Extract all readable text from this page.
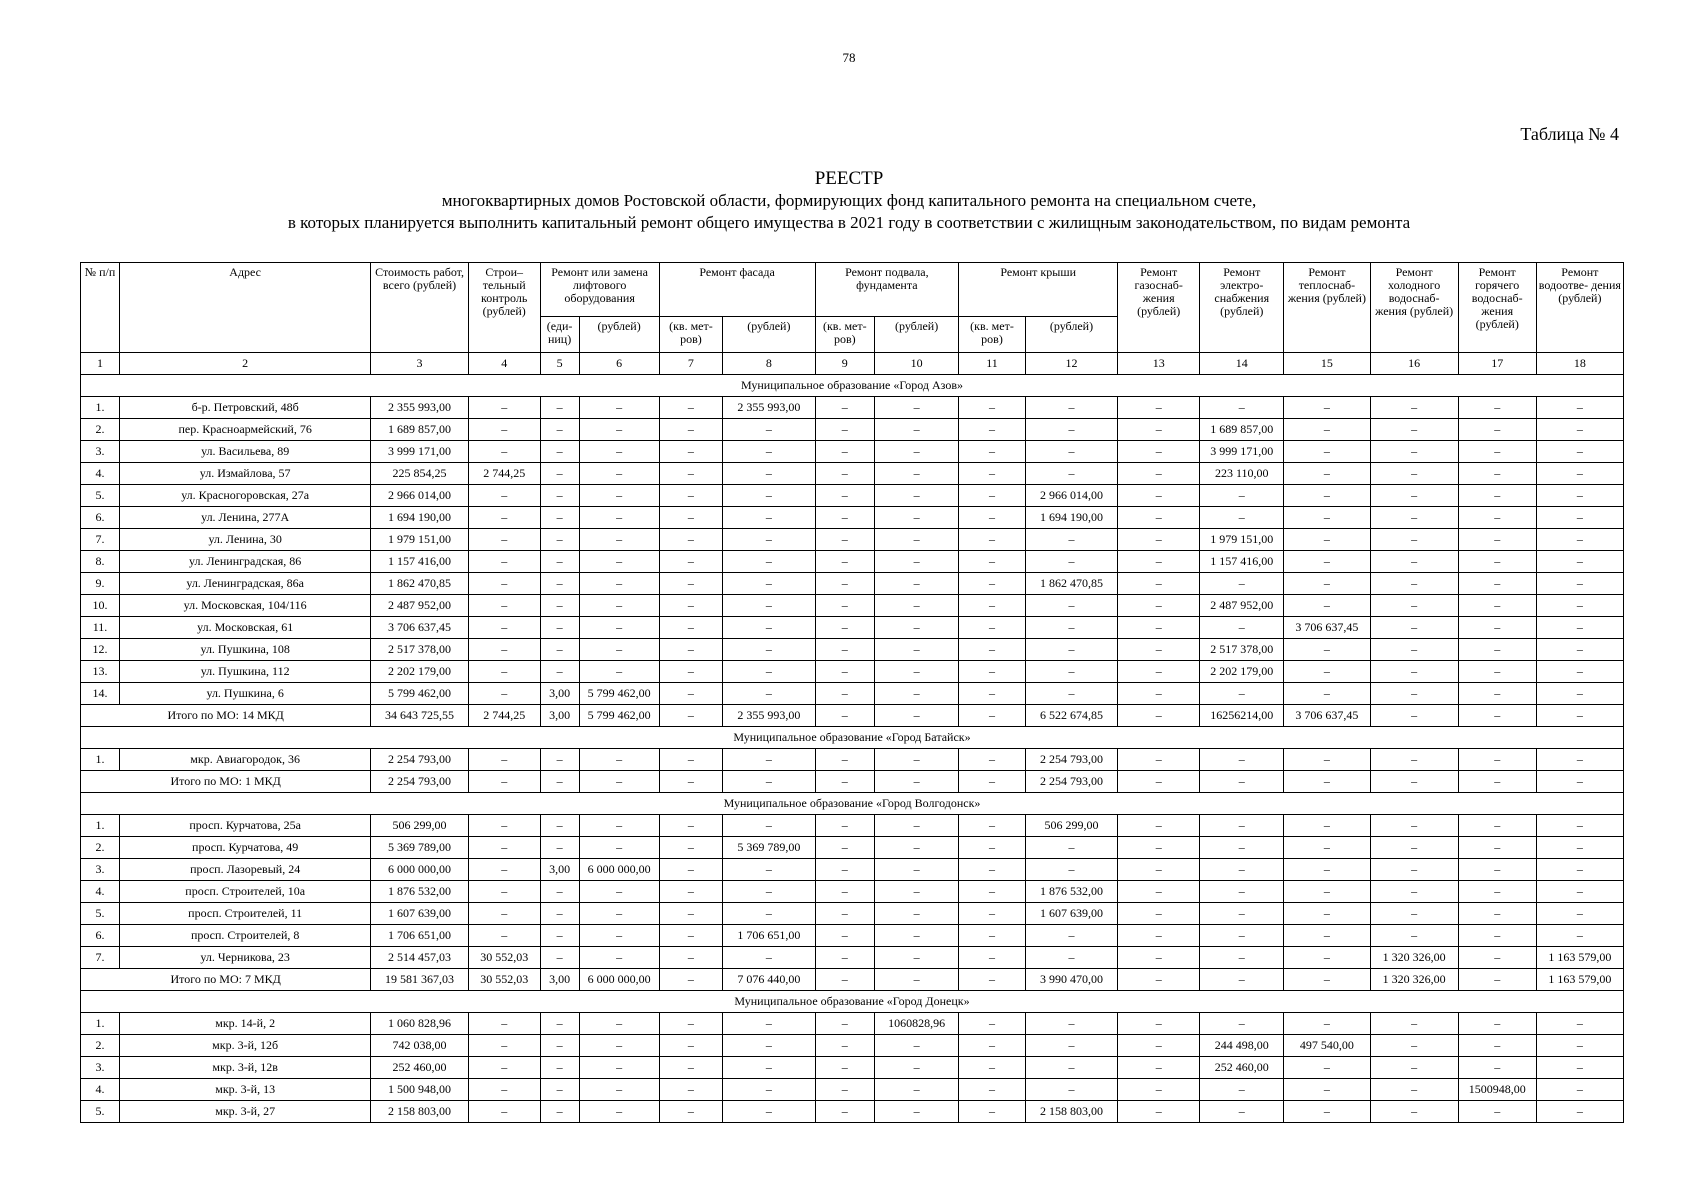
78
Таблица № 4
РЕЕСТР
многоквартирных домов Ростовской области, формирующих фонд капитального ремонта на специальном счете,
в которых планируется выполнить капитальный ремонт общего имущества в 2021 году в соответствии с жилищным законодательством, по видам ремонта
№ п/п	Адрес	Стоимость работ, всего (рублей)	Строи– тельный контроль (рублей)	Ремонт или замена лифтового оборудования		Ремонт фасада		Ремонт подвала, фундамента		Ремонт крыши		Ремонт газоснаб- жения (рублей)	Ремонт электро- снабжения (рублей)	Ремонт теплоснаб- жения (рублей)	Ремонт холодного водоснаб- жения (рублей)	Ремонт горячего водоснаб- жения (рублей)	Ремонт водоотве- дения (рублей)
				(еди- ниц)	(рублей)	(кв. мет- ров)	(рублей)	(кв. мет- ров)	(рублей)	(кв. мет- ров)	(рублей)						
1	2	3	4	5	6	7	8	9	10	11	12	13	14	15	16	17	18
Муниципальное образование «Город Азов»																	
1.	б-р. Петровский, 48б	2 355 993,00	–	–	–	–	2 355 993,00	–	–	–	–	–	–	–	–	–	–
2.	пер. Красноармейский, 76	1 689 857,00	–	–	–	–	–	–	–	–	–	–	1 689 857,00	–	–	–	–
3.	ул. Васильева, 89	3 999 171,00	–	–	–	–	–	–	–	–	–	–	3 999 171,00	–	–	–	–
4.	ул. Измайлова, 57	225 854,25	2 744,25	–	–	–	–	–	–	–	–	–	223 110,00	–	–	–	–
5.	ул. Красногоровская, 27а	2 966 014,00	–	–	–	–	–	–	–	–	2 966 014,00	–	–	–	–	–	–
6.	ул. Ленина, 277А	1 694 190,00	–	–	–	–	–	–	–	–	1 694 190,00	–	–	–	–	–	–
7.	ул. Ленина, 30	1 979 151,00	–	–	–	–	–	–	–	–	–	–	1 979 151,00	–	–	–	–
8.	ул. Ленинградская, 86	1 157 416,00	–	–	–	–	–	–	–	–	–	–	1 157 416,00	–	–	–	–
9.	ул. Ленинградская, 86а	1 862 470,85	–	–	–	–	–	–	–	–	1 862 470,85	–	–	–	–	–	–
10.	ул. Московская, 104/116	2 487 952,00	–	–	–	–	–	–	–	–	–	–	2 487 952,00	–	–	–	–
11.	ул. Московская, 61	3 706 637,45	–	–	–	–	–	–	–	–	–	–	–	3 706 637,45	–	–	–
12.	ул. Пушкина, 108	2 517 378,00	–	–	–	–	–	–	–	–	–	–	2 517 378,00	–	–	–	–
13.	ул. Пушкина, 112	2 202 179,00	–	–	–	–	–	–	–	–	–	–	2 202 179,00	–	–	–	–
14.	ул. Пушкина, 6	5 799 462,00	–	3,00	5 799 462,00	–	–	–	–	–	–	–	–	–	–	–	–
Итого по МО: 14 МКД		34 643 725,55	2 744,25	3,00	5 799 462,00	–	2 355 993,00	–	–	–	6 522 674,85	–	16256214,00	3 706 637,45	–	–	–
Муниципальное образование «Город Батайск»																	
1.	мкр. Авиагородок, 36	2 254 793,00	–	–	–	–	–	–	–	–	2 254 793,00	–	–	–	–	–	–
Итого по МО: 1 МКД		2 254 793,00	–	–	–	–	–	–	–	–	2 254 793,00	–	–	–	–	–	–
Муниципальное образование «Город Волгодонск»																	
1.	просп. Курчатова, 25а	506 299,00	–	–	–	–	–	–	–	–	506 299,00	–	–	–	–	–	–
2.	просп. Курчатова, 49	5 369 789,00	–	–	–	–	5 369 789,00	–	–	–	–	–	–	–	–	–	–
3.	просп. Лазоревый, 24	6 000 000,00	–	3,00	6 000 000,00	–	–	–	–	–	–	–	–	–	–	–	–
4.	просп. Строителей, 10а	1 876 532,00	–	–	–	–	–	–	–	–	1 876 532,00	–	–	–	–	–	–
5.	просп. Строителей, 11	1 607 639,00	–	–	–	–	–	–	–	–	1 607 639,00	–	–	–	–	–	–
6.	просп. Строителей, 8	1 706 651,00	–	–	–	–	1 706 651,00	–	–	–	–	–	–	–	–	–	–
7.	ул. Черникова, 23	2 514 457,03	30 552,03	–	–	–	–	–	–	–	–	–	–	–	1 320 326,00	–	1 163 579,00
Итого по МО: 7 МКД		19 581 367,03	30 552,03	3,00	6 000 000,00	–	7 076 440,00	–	–	–	3 990 470,00	–	–	–	1 320 326,00	–	1 163 579,00
Муниципальное образование «Город Донецк»																	
1.	мкр. 14-й, 2	1 060 828,96	–	–	–	–	–	–	1060828,96	–	–	–	–	–	–	–	–
2.	мкр. 3-й, 12б	742 038,00	–	–	–	–	–	–	–	–	–	–	244 498,00	497 540,00	–	–	–
3.	мкр. 3-й, 12в	252 460,00	–	–	–	–	–	–	–	–	–	–	252 460,00	–	–	–	–
4.	мкр. 3-й, 13	1 500 948,00	–	–	–	–	–	–	–	–	–	–	–	–	–	1500948,00	–
5.	мкр. 3-й, 27	2 158 803,00	–	–	–	–	–	–	–	–	2 158 803,00	–	–	–	–	–	–
